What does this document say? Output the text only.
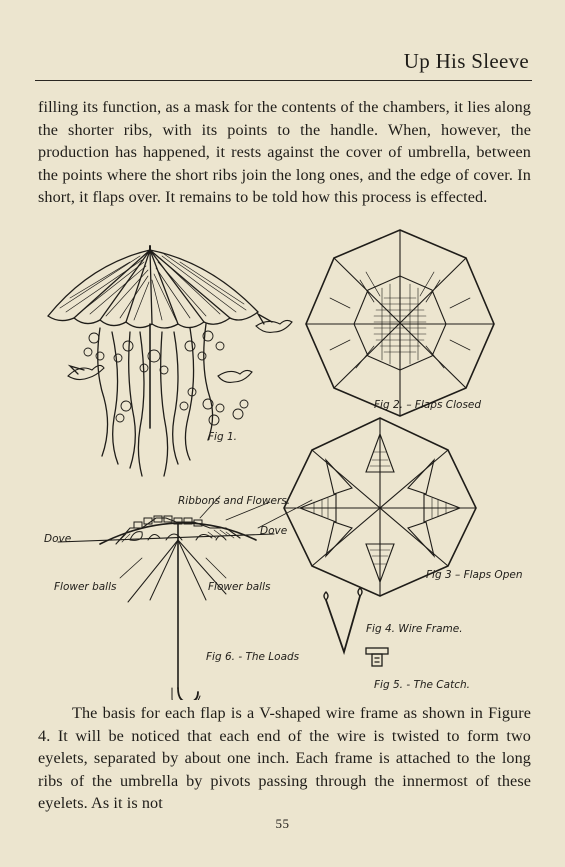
Up His Sleeve

filling its function, as a mask for the contents of the chambers, it lies along the shorter ribs, with its points to the handle. When, however, the production has happened, it rests against the cover of umbrella, between the points where the short ribs join the long ones, and the edge of cover. In short, it flaps over. It remains to be told how this process is effected.

Fig 1.
Fig 2. – Flaps Closed
Fig 3 – Flaps Open
Fig 4. Wire Frame.
Fig 5. - The Catch.
Ribbons and Flowers.
Dove
Dove
Flower balls	Flower balls
Fig 6. - The Loads

The basis for each flap is a V-shaped wire frame as shown in Figure 4. It will be noticed that each end of the wire is twisted to form two eyelets, separated by about one inch. Each frame is attached to the long ribs of the umbrella by pivots passing through the innermost of these eyelets. As it is not

55
